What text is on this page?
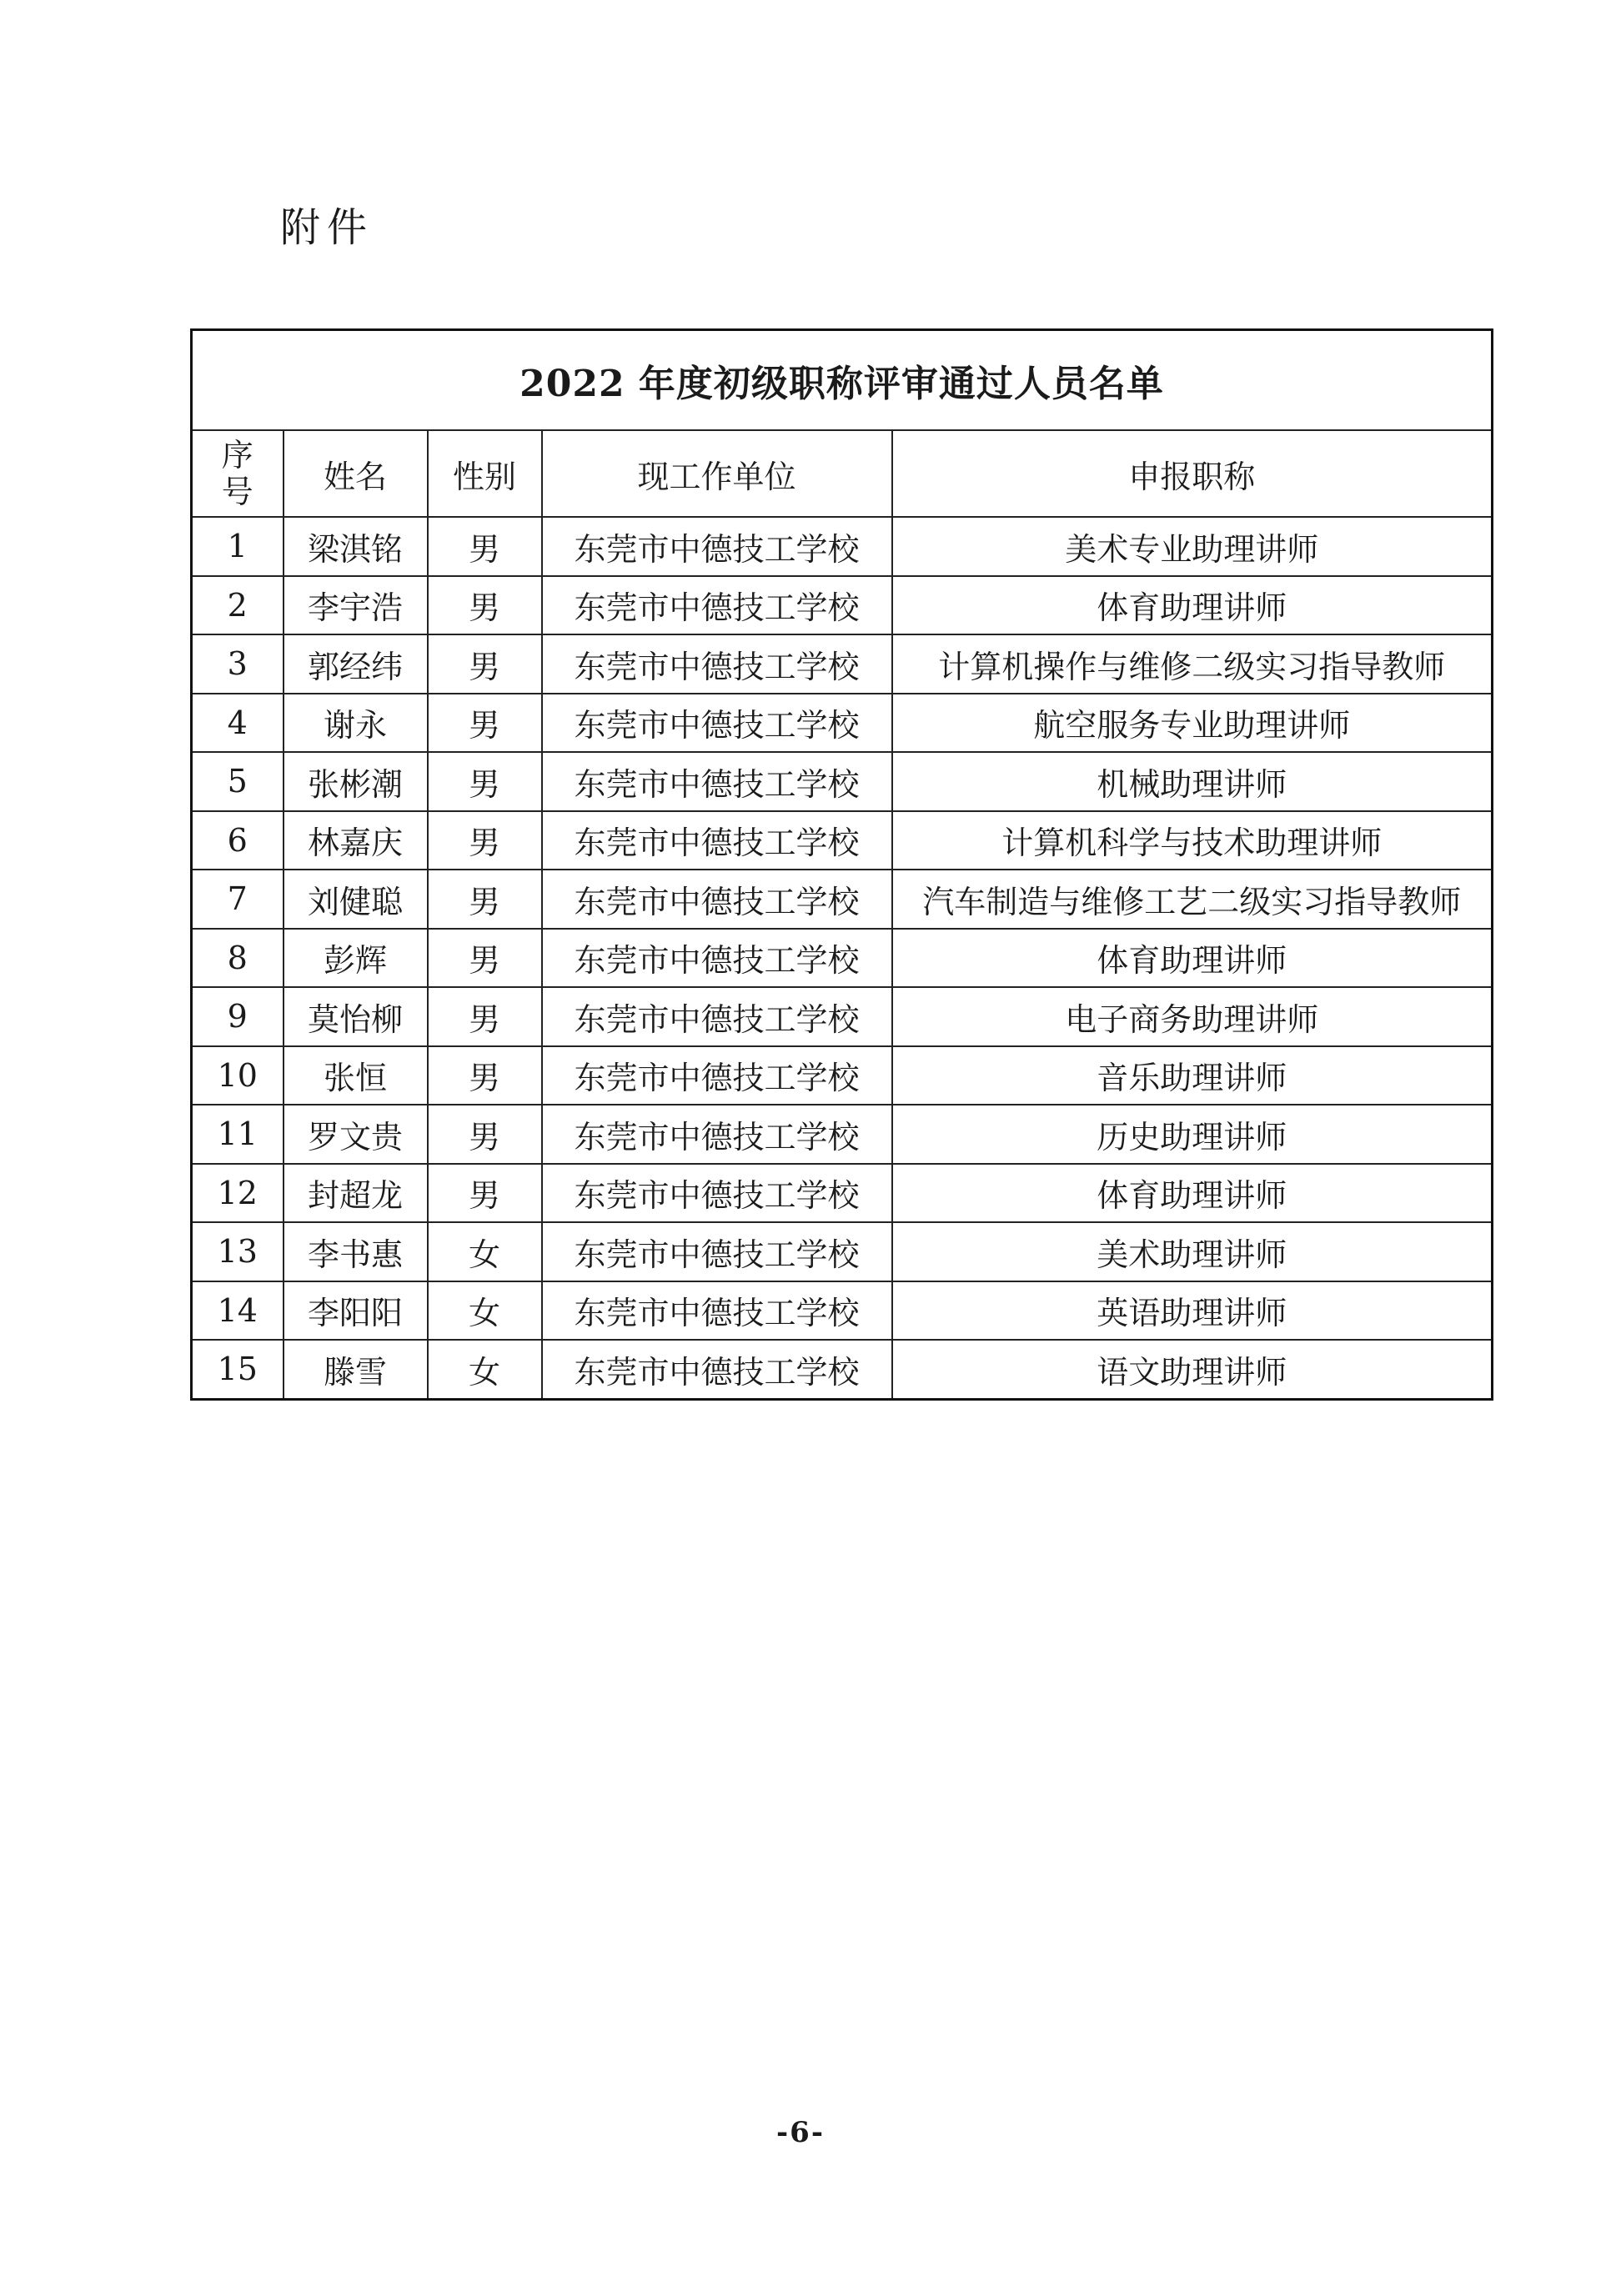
附件
2022 年度初级职称评审通过人员名单				

序号	姓名	性别	现工作单位	申报职称
1	梁淇铭	男	东莞市中德技工学校	美术专业助理讲师
2	李宇浩	男	东莞市中德技工学校	体育助理讲师
3	郭经纬	男	东莞市中德技工学校	计算机操作与维修二级实习指导教师
4	谢永	男	东莞市中德技工学校	航空服务专业助理讲师
5	张彬潮	男	东莞市中德技工学校	机械助理讲师
6	林嘉庆	男	东莞市中德技工学校	计算机科学与技术助理讲师
7	刘健聪	男	东莞市中德技工学校	汽车制造与维修工艺二级实习指导教师
8	彭辉	男	东莞市中德技工学校	体育助理讲师
9	莫怡柳	男	东莞市中德技工学校	电子商务助理讲师
10	张恒	男	东莞市中德技工学校	音乐助理讲师
11	罗文贵	男	东莞市中德技工学校	历史助理讲师
12	封超龙	男	东莞市中德技工学校	体育助理讲师
13	李书惠	女	东莞市中德技工学校	美术助理讲师
14	李阳阳	女	东莞市中德技工学校	英语助理讲师
15	滕雪	女	东莞市中德技工学校	语文助理讲师
-6-
